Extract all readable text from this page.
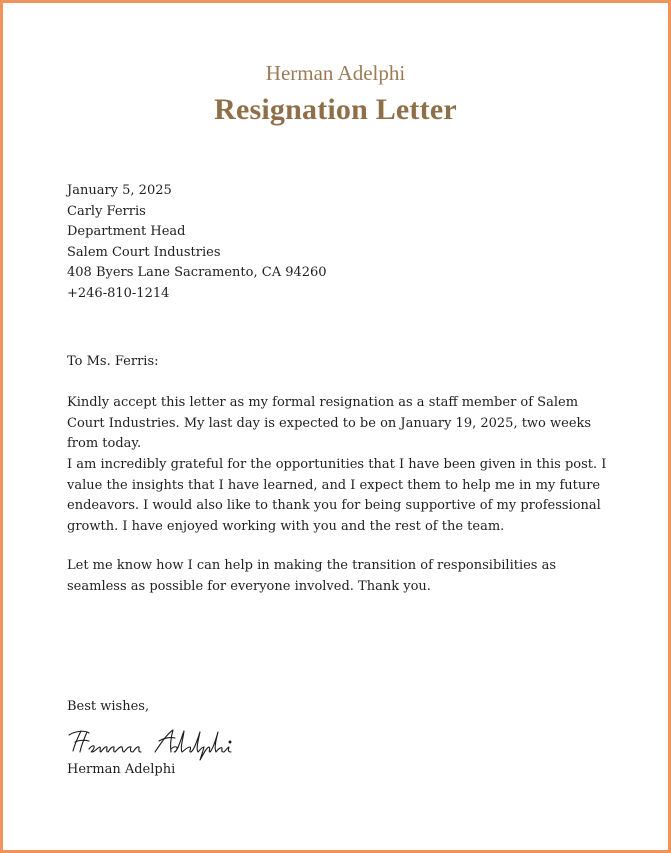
Herman Adelphi
Resignation Letter
January 5, 2025
Carly Ferris
Department Head
Salem Court Industries
408 Byers Lane Sacramento, CA 94260
+246-810-1214
To Ms. Ferris:

Kindly accept this letter as my formal resignation as a staff member of Salem Court Industries. My last day is expected to be on January 19, 2025, two weeks from today.

I am incredibly grateful for the opportunities that I have been given in this post. I value the insights that I have learned, and I expect them to help me in my future endeavors. I would also like to thank you for being supportive of my professional growth. I have enjoyed working with you and the rest of the team.

Let me know how I can help in making the transition of responsibilities as seamless as possible for everyone involved. Thank you.

Best wishes,
Herman Adelphi
